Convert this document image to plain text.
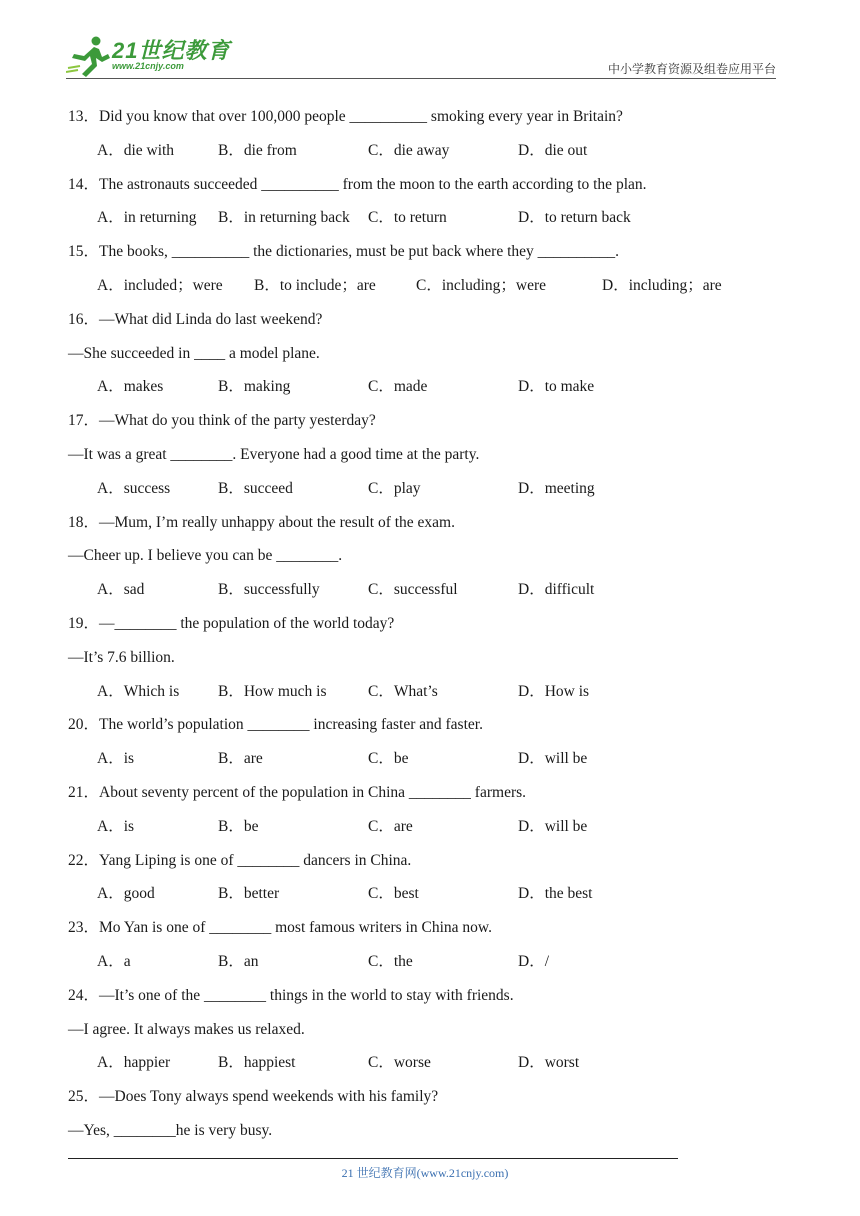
21世纪教育
www.21cnjy.com	中小学教育资源及组卷应用平台
13．Did you know that over 100,000 people __________ smoking every year in Britain?
A．die with	B．die from	C．die away	D．die out
14．The astronauts succeeded __________ from the moon to the earth according to the plan.
A．in returning B．in returning back C．to return	D．to return back
15．The books, __________ the dictionaries, must be put back where they __________.
A．included；were B．to include；are	C．including；were	D．including；are
16．—What did Linda do last weekend?
—She succeeded in ____ a model plane.
A．makes	B．making	C．made	D．to make
17．—What do you think of the party yesterday?
—It was a great ________. Everyone had a good time at the party.
A．success	B．succeed	C．play	D．meeting
18．—Mum, I’m really unhappy about the result of the exam.
—Cheer up. I believe you can be ________.
A．sad	B．successfully	C．successful	D．difficult
19．—________ the population of the world today?
—It’s 7.6 billion.
A．Which is	B．How much is	C．What’s	D．How is
20．The world’s population ________ increasing faster and faster.
A．is	B．are	C．be	D．will be
21．About seventy percent of the population in China ________ farmers.
A．is	B．be	C．are	D．will be
22．Yang Liping is one of ________ dancers in China.
A．good	B．better	C．best	D．the best
23．Mo Yan is one of ________ most famous writers in China now.
A．a	B．an	C．the	D．/
24．—It’s one of the ________ things in the world to stay with friends.
—I agree. It always makes us relaxed.
A．happier	B．happiest	C．worse	D．worst
25．—Does Tony always spend weekends with his family?
—Yes, ________he is very busy.
21 世纪教育网(www.21cnjy.com)
